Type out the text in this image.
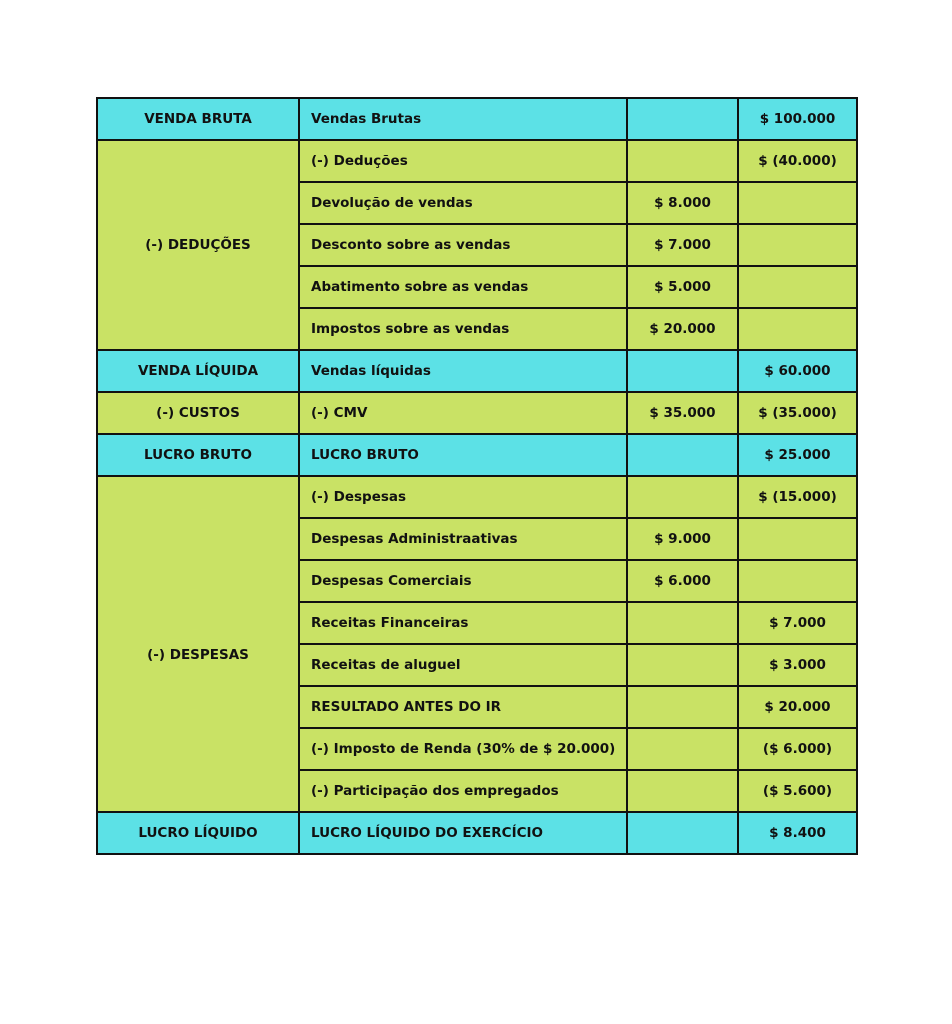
VENDA BRUTA	Vendas Brutas		$ 100.000
(-) DEDUÇÕES	(-) Deduções		$ (40.000)
	Devolução de vendas	$ 8.000	
	Desconto sobre as vendas	$ 7.000	
	Abatimento sobre as vendas	$ 5.000	
	Impostos sobre as vendas	$ 20.000	
VENDA LÍQUIDA	Vendas líquidas		$ 60.000
(-) CUSTOS	(-) CMV	$ 35.000	$ (35.000)
LUCRO BRUTO	LUCRO BRUTO		$ 25.000

(-) DESPESAS	(-) Despesas		$ (15.000)
	Despesas Administraativas	$ 9.000	
	Despesas Comerciais	$ 6.000	
	Receitas Financeiras		$ 7.000
	Receitas de aluguel		$ 3.000
	RESULTADO ANTES DO IR		$ 20.000
	(-) Imposto de Renda (30% de $ 20.000)		($ 6.000)
	(-) Participação dos empregados		($ 5.600)
LUCRO LÍQUIDO	LUCRO LÍQUIDO DO EXERCÍCIO		$ 8.400
